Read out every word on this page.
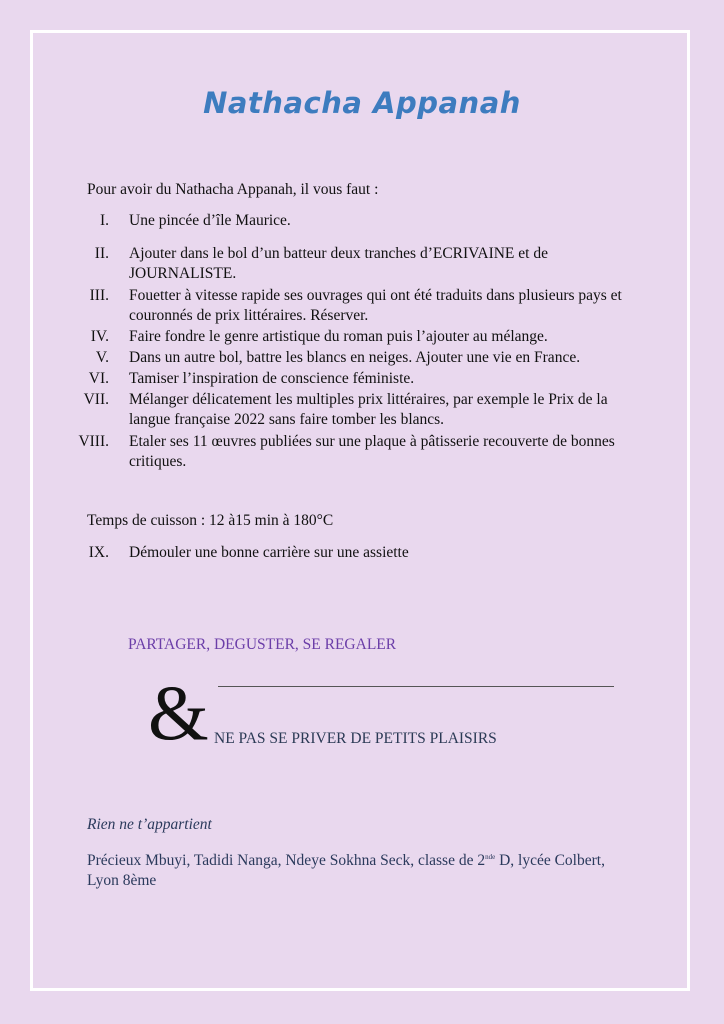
Nathacha Appanah
Pour avoir du Nathacha Appanah, il vous faut :
I. Une pincée d’île Maurice.
II. Ajouter dans le bol d’un batteur deux tranches d’ECRIVAINE et de JOURNALISTE.
III. Fouetter à vitesse rapide ses ouvrages qui ont été traduits dans plusieurs pays et couronnés de prix littéraires. Réserver.
IV. Faire fondre le genre artistique du roman puis l’ajouter au mélange.
V. Dans un autre bol, battre les blancs en neiges. Ajouter une vie en France.
VI. Tamiser l’inspiration de conscience féministe.
VII. Mélanger délicatement les multiples prix littéraires, par exemple le Prix de la langue française 2022 sans faire tomber les blancs.
VIII. Etaler ses 11 œuvres publiées sur une plaque à pâtisserie recouverte de bonnes critiques.
Temps de cuisson : 12 à15 min à 180°C
IX. Démouler une bonne carrière sur une assiette
PARTAGER, DEGUSTER, SE REGALER
& NE PAS SE PRIVER DE PETITS PLAISIRS
Rien ne t’appartient
Précieux Mbuyi, Tadidi Nanga, Ndeye Sokhna Seck, classe de 2nde D, lycée Colbert, Lyon 8ème
